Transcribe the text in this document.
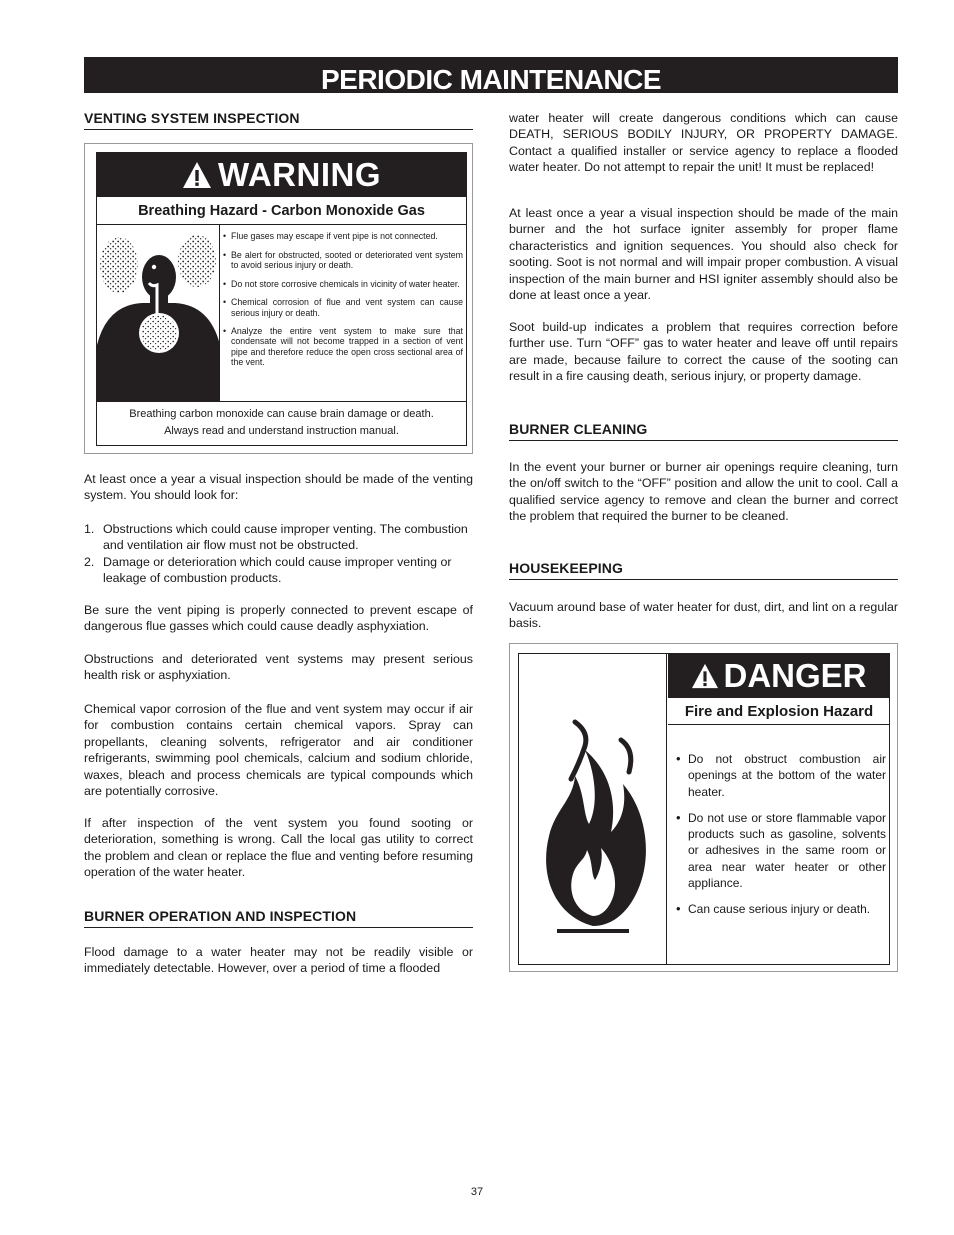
PERIODIC MAINTENANCE
VENTING SYSTEM INSPECTION
WARNING
Breathing Hazard - Carbon Monoxide Gas
• Flue gases may escape if vent pipe is not connected.
• Be alert for obstructed, sooted or deteriorated vent system to avoid serious injury or death.
• Do not store corrosive chemicals in vicinity of water heater.
• Chemical corrosion of flue and vent system can cause serious injury or death.
• Analyze the entire vent system to make sure that condensate will not become trapped in a section of vent pipe and therefore reduce the open cross sectional area of the vent.
Breathing carbon monoxide can cause brain damage or death.
Always read and understand instruction manual.
At least once a year a visual inspection should be made of the venting system. You should look for:
1. Obstructions which could cause improper venting. The combustion and ventilation air flow must not be obstructed.
2. Damage or deterioration which could cause improper venting or leakage of combustion products.
Be sure the vent piping is properly connected to prevent escape of dangerous flue gasses which could cause deadly asphyxiation.
Obstructions and deteriorated vent systems may present serious health risk or asphyxiation.
Chemical vapor corrosion of the flue and vent system may occur if air for combustion contains certain chemical vapors. Spray can propellants, cleaning solvents, refrigerator and air conditioner refrigerants, swimming pool chemicals, calcium and sodium chloride, waxes, bleach and process chemicals are typical compounds which are potentially corrosive.
If after inspection of the vent system you found sooting or deterioration, something is wrong. Call the local gas utility to correct the problem and clean or replace the flue and venting before resuming operation of the water heater.
BURNER OPERATION AND INSPECTION
Flood damage to a water heater may not be readily visible or immediately detectable. However, over a period of time a flooded
water heater will create dangerous conditions which can cause DEATH, SERIOUS BODILY INJURY, OR PROPERTY DAMAGE. Contact a qualified installer or service agency to replace a flooded water heater. Do not attempt to repair the unit! It must be replaced!
At least once a year a visual inspection should be made of the main burner and the hot surface igniter assembly for proper flame characteristics and ignition sequences. You should also check for sooting. Soot is not normal and will impair proper combustion. A visual inspection of the main burner and HSI igniter assembly should also be done at least once a year.
Soot build-up indicates a problem that requires correction before further use. Turn “OFF” gas to water heater and leave off until repairs are made, because failure to correct the cause of the sooting can result in a fire causing death, serious injury, or property damage.
BURNER CLEANING
In the event your burner or burner air openings require cleaning, turn the on/off switch to the “OFF” position and allow the unit to cool. Call a qualified service agency to remove and clean the burner and correct the problem that required the burner to be cleaned.
HOUSEKEEPING
Vacuum around base of water heater for dust, dirt, and lint on a regular basis.
DANGER
Fire and Explosion Hazard
• Do not obstruct combustion air openings at the bottom of the water heater.
• Do not use or store flammable vapor products such as gasoline, solvents or adhesives in the same room or area near water heater or other appliance.
• Can cause serious injury or death.
37
